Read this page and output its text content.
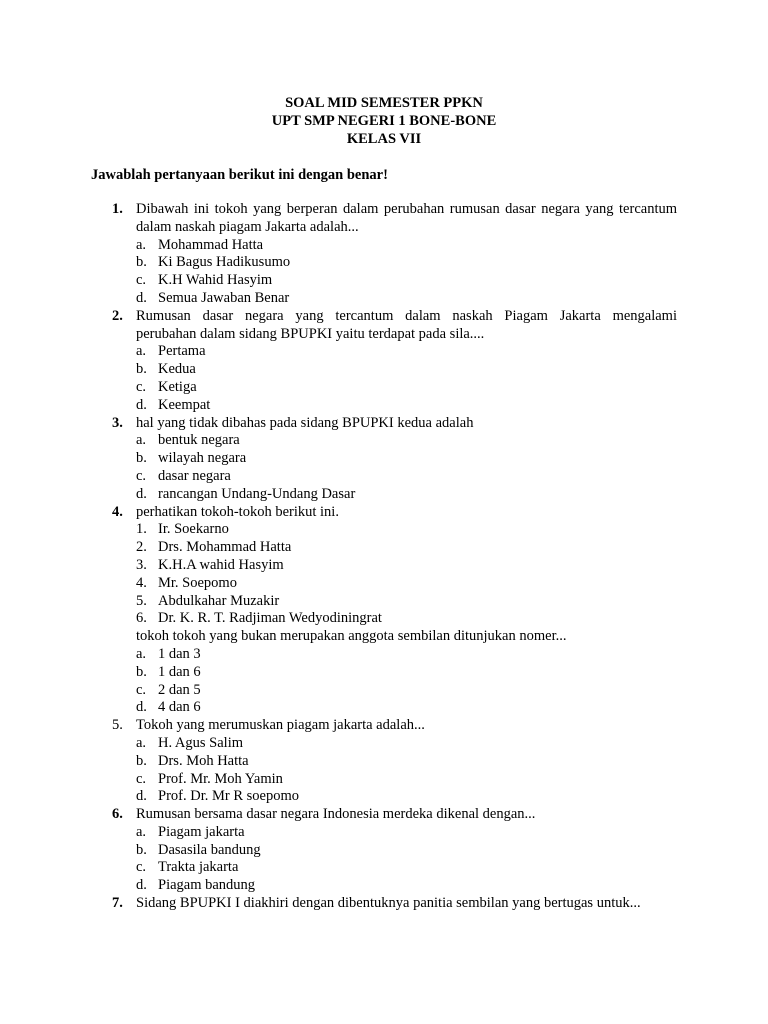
SOAL MID SEMESTER PPKN
UPT SMP NEGERI 1 BONE-BONE
KELAS VII
Jawablah pertanyaan berikut ini dengan benar!
1. Dibawah ini tokoh yang berperan dalam perubahan rumusan dasar negara yang tercantum
dalam naskah piagam Jakarta adalah...
a. Mohammad Hatta
b. Ki Bagus Hadikusumo
c. K.H Wahid Hasyim
d. Semua Jawaban Benar
2. Rumusan dasar negara yang tercantum dalam naskah Piagam Jakarta mengalami
perubahan dalam sidang BPUPKI yaitu terdapat pada sila....
a. Pertama
b. Kedua
c. Ketiga
d. Keempat
3. hal yang tidak dibahas pada sidang BPUPKI kedua adalah
a. bentuk negara
b. wilayah negara
c. dasar negara
d. rancangan Undang-Undang Dasar
4. perhatikan tokoh-tokoh berikut ini.
1. Ir. Soekarno
2. Drs. Mohammad Hatta
3. K.H.A wahid Hasyim
4. Mr. Soepomo
5. Abdulkahar Muzakir
6. Dr. K. R. T. Radjiman Wedyodiningrat
tokoh tokoh yang bukan merupakan anggota sembilan ditunjukan nomer...
a. 1 dan 3
b. 1 dan 6
c. 2 dan 5
d. 4 dan 6
5. Tokoh yang merumuskan piagam jakarta adalah...
a. H. Agus Salim
b. Drs. Moh Hatta
c. Prof. Mr. Moh Yamin
d. Prof. Dr. Mr R soepomo
6. Rumusan bersama dasar negara Indonesia merdeka dikenal dengan...
a. Piagam jakarta
b. Dasasila bandung
c. Trakta jakarta
d. Piagam bandung
7. Sidang BPUPKI I diakhiri dengan dibentuknya panitia sembilan yang bertugas untuk...
